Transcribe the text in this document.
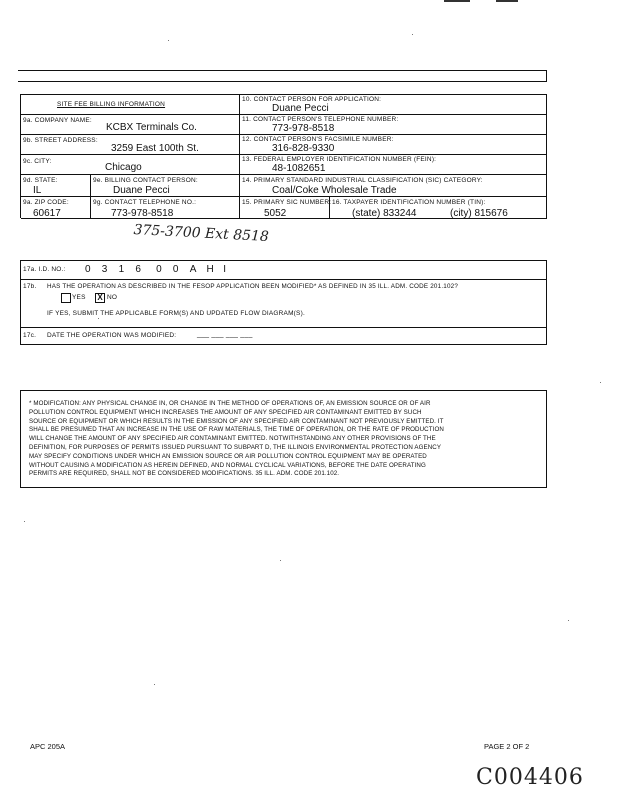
SITE FEE BILLING INFORMATION
9a. COMPANY NAME:
KCBX Terminals Co.
9b. STREET ADDRESS:
3259 East 100th St.
9c. CITY:
Chicago
9d. STATE:
IL
9e. BILLING CONTACT PERSON:
Duane Pecci
9a. ZIP CODE:
60617
9g. CONTACT TELEPHONE NO.:
773-978-8518
10. CONTACT PERSON FOR APPLICATION:
Duane Pecci
11. CONTACT PERSON'S TELEPHONE NUMBER:
773-978-8518
12. CONTACT PERSON'S FACSIMILE NUMBER:
316-828-9330
13. FEDERAL EMPLOYER IDENTIFICATION NUMBER (FEIN):
48-1082651
14. PRIMARY STANDARD INDUSTRIAL CLASSIFICATION (SIC) CATEGORY:
Coal/Coke Wholesale Trade
15. PRIMARY SIC NUMBER:
5052
16. TAXPAYER IDENTIFICATION NUMBER (TIN):
(state) 833244	(city) 815676
375-3700 Ext 8518
17a. I.D. NO.: 0 3 1 6 0 0 A H I
17b. HAS THE OPERATION AS DESCRIBED IN THE FESOP APPLICATION BEEN MODIFIED* AS DEFINED IN 35 ILL. ADM. CODE 201.102?
YES X NO
IF YES, SUBMIT THE APPLICABLE FORM(S) AND UPDATED FLOW DIAGRAM(S).
17c. DATE THE OPERATION WAS MODIFIED:	___ ___ ___ ___
* MODIFICATION: ANY PHYSICAL CHANGE IN, OR CHANGE IN THE METHOD OF OPERATIONS OF, AN EMISSION SOURCE OR OF AIR
POLLUTION CONTROL EQUIPMENT WHICH INCREASES THE AMOUNT OF ANY SPECIFIED AIR CONTAMINANT EMITTED BY SUCH
SOURCE OR EQUIPMENT OR WHICH RESULTS IN THE EMISSION OF ANY SPECIFIED AIR CONTAMINANT NOT PREVIOUSLY EMITTED. IT
SHALL BE PRESUMED THAT AN INCREASE IN THE USE OF RAW MATERIALS, THE TIME OF OPERATION, OR THE RATE OF PRODUCTION
WILL CHANGE THE AMOUNT OF ANY SPECIFIED AIR CONTAMINANT EMITTED. NOTWITHSTANDING ANY OTHER PROVISIONS OF THE
DEFINITION, FOR PURPOSES OF PERMITS ISSUED PURSUANT TO SUBPART D, THE ILLINOIS ENVIRONMENTAL PROTECTION AGENCY
MAY SPECIFY CONDITIONS UNDER WHICH AN EMISSION SOURCE OR AIR POLLUTION CONTROL EQUIPMENT MAY BE OPERATED
WITHOUT CAUSING A MODIFICATION AS HEREIN DEFINED, AND NORMAL CYCLICAL VARIATIONS, BEFORE THE DATE OPERATING
PERMITS ARE REQUIRED, SHALL NOT BE CONSIDERED MODIFICATIONS. 35 ILL. ADM. CODE 201.102.
APC 205A	PAGE 2 OF 2
C004406
